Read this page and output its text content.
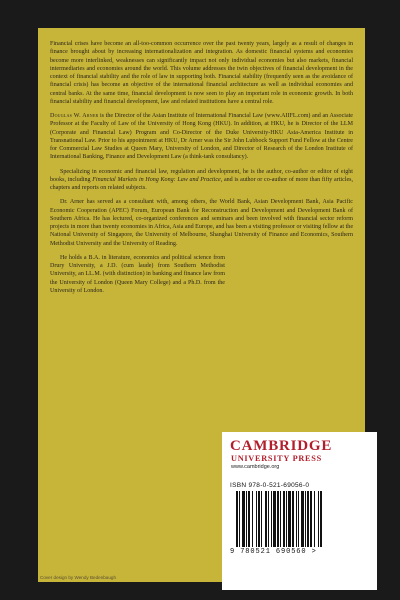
Financial crises have become an all-too-common occurrence over the past twenty years, largely as a result of changes in finance brought about by increasing internationalization and integration. As domestic financial systems and economies become more interlinked, weaknesses can significantly impact not only individual economies but also markets, financial intermediaries and economies around the world. This volume addresses the twin objectives of financial development in the context of financial stability and the role of law in supporting both. Financial stability (frequently seen as the avoidance of financial crisis) has become an objective of the international financial architecture as well as individual economies and central banks. At the same time, financial development is now seen to play an important role in economic growth. In both financial stability and financial development, law and related institutions have a central role.

Douglas W. Arner is the Director of the Asian Institute of International Financial Law (www.AIIFL.com) and an Associate Professor at the Faculty of Law of the University of Hong Kong (HKU). In addition, at HKU, he is Director of the LLM (Corporate and Financial Law) Program and Co-Director of the Duke University-HKU Asia-America Institute in Transnational Law. Prior to his appointment at HKU, Dr Arner was the Sir John Lubbock Support Fund Fellow at the Centre for Commercial Law Studies at Queen Mary, University of London, and Director of Research of the London Institute of International Banking, Finance and Development Law (a think-tank consultancy).

Specializing in economic and financial law, regulation and development, he is the author, co-author or editor of eight books, including Financial Markets in Hong Kong: Law and Practice, and is author or co-author of more than fifty articles, chapters and reports on related subjects.

Dr. Arner has served as a consultant with, among others, the World Bank, Asian Development Bank, Asia Pacific Economic Cooperation (APEC) Forum, European Bank for Reconstruction and Development and Development Bank of Southern Africa. He has lectured, co-organized conferences and seminars and been involved with financial sector reform projects in more than twenty economies in Africa, Asia and Europe, and has been a visiting professor or visiting fellow at the National University of Singapore, the University of Melbourne, Shanghai University of Finance and Economics, Southern Methodist University and the University of Reading.

He holds a B.A. in literature, economics and political science from Drury University, a J.D. (cum laude) from Southern Methodist University, an LL.M. (with distinction) in banking and finance law from the University of London (Queen Mary College) and a Ph.D. from the University of London.

CAMBRIDGE
UNIVERSITY PRESS
www.cambridge.org
ISBN 978-0-521-69056-0
9 780521 690560 >
Cover design by Wendy Bedenbaugh
